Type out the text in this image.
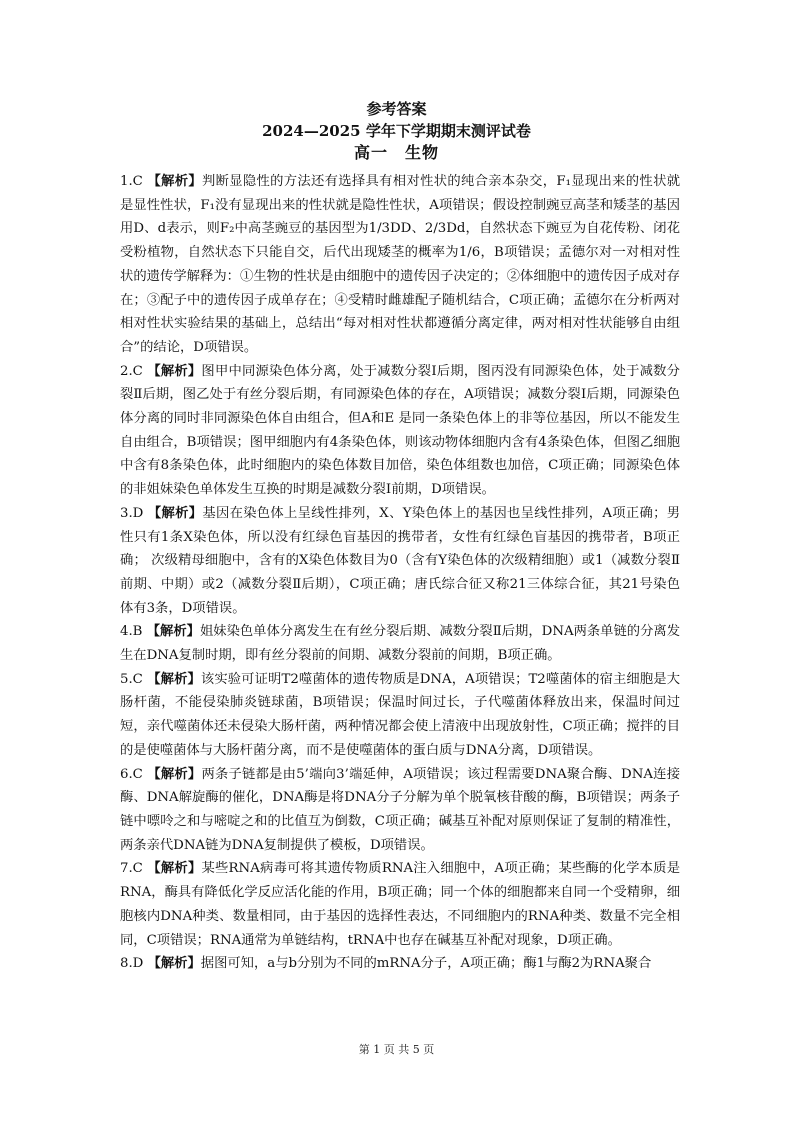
参考答案
2024—2025 学年下学期期末测评试卷
高一　生物

1.C 【解析】判断显隐性的方法还有选择具有相对性状的纯合亲本杂交，F₁显现出来的性状就是显性性状，F₁没有显现出来的性状就是隐性性状，A项错误；假设控制豌豆高茎和矮茎的基因用D、d表示，则F₂中高茎豌豆的基因型为1/3DD、2/3Dd，自然状态下豌豆为自花传粉、闭花受粉植物，自然状态下只能自交，后代出现矮茎的概率为1/6，B项错误；孟德尔对一对相对性状的遗传学解释为：①生物的性状是由细胞中的遗传因子决定的；②体细胞中的遗传因子成对存在；③配子中的遗传因子成单存在；④受精时雌雄配子随机结合，C项正确；孟德尔在分析两对相对性状实验结果的基础上，总结出“每对相对性状都遵循分离定律，两对相对性状能够自由组合”的结论，D项错误。

2.C 【解析】图甲中同源染色体分离，处于减数分裂Ⅰ后期，图丙没有同源染色体，处于减数分裂Ⅱ后期，图乙处于有丝分裂后期，有同源染色体的存在，A项错误；减数分裂Ⅰ后期，同源染色体分离的同时非同源染色体自由组合，但A和E 是同一条染色体上的非等位基因，所以不能发生自由组合，B项错误；图甲细胞内有4条染色体，则该动物体细胞内含有4条染色体，但图乙细胞中含有8条染色体，此时细胞内的染色体数目加倍，染色体组数也加倍，C项正确；同源染色体的非姐妹染色单体发生互换的时期是减数分裂Ⅰ前期，D项错误。

3.D 【解析】基因在染色体上呈线性排列，X、Y染色体上的基因也呈线性排列，A项正确；男性只有1条X染色体，所以没有红绿色盲基因的携带者，女性有红绿色盲基因的携带者，B项正确； 次级精母细胞中，含有的X染色体数目为0（含有Y染色体的次级精细胞）或1（减数分裂Ⅱ前期、中期）或2（减数分裂Ⅱ后期），C项正确；唐氏综合征又称21三体综合征，其21号染色体有3条，D项错误。

4.B 【解析】姐妹染色单体分离发生在有丝分裂后期、减数分裂Ⅱ后期，DNA两条单链的分离发生在DNA复制时期，即有丝分裂前的间期、减数分裂前的间期，B项正确。

5.C 【解析】该实验可证明T2噬菌体的遗传物质是DNA，A项错误；T2噬菌体的宿主细胞是大肠杆菌，不能侵染肺炎链球菌，B项错误；保温时间过长，子代噬菌体释放出来，保温时间过短，亲代噬菌体还未侵染大肠杆菌，两种情况都会使上清液中出现放射性，C项正确；搅拌的目的是使噬菌体与大肠杆菌分离，而不是使噬菌体的蛋白质与DNA分离，D项错误。

6.C 【解析】两条子链都是由5’端向3’端延伸，A项错误；该过程需要DNA聚合酶、DNA连接酶、DNA解旋酶的催化，DNA酶是将DNA分子分解为单个脱氧核苷酸的酶，B项错误；两条子链中嘌呤之和与嘧啶之和的比值互为倒数，C项正确；碱基互补配对原则保证了复制的精准性，两条亲代DNA链为DNA复制提供了模板，D项错误。

7.C 【解析】某些RNA病毒可将其遗传物质RNA注入细胞中，A项正确；某些酶的化学本质是RNA，酶具有降低化学反应活化能的作用，B项正确；同一个体的细胞都来自同一个受精卵，细胞核内DNA种类、数量相同，由于基因的选择性表达，不同细胞内的RNA种类、数量不完全相同，C项错误；RNA通常为单链结构，tRNA中也存在碱基互补配对现象，D项正确。

8.D 【解析】据图可知，a与b分别为不同的mRNA分子，A项正确；酶1与酶2为RNA聚合

第 1 页 共 5 页
